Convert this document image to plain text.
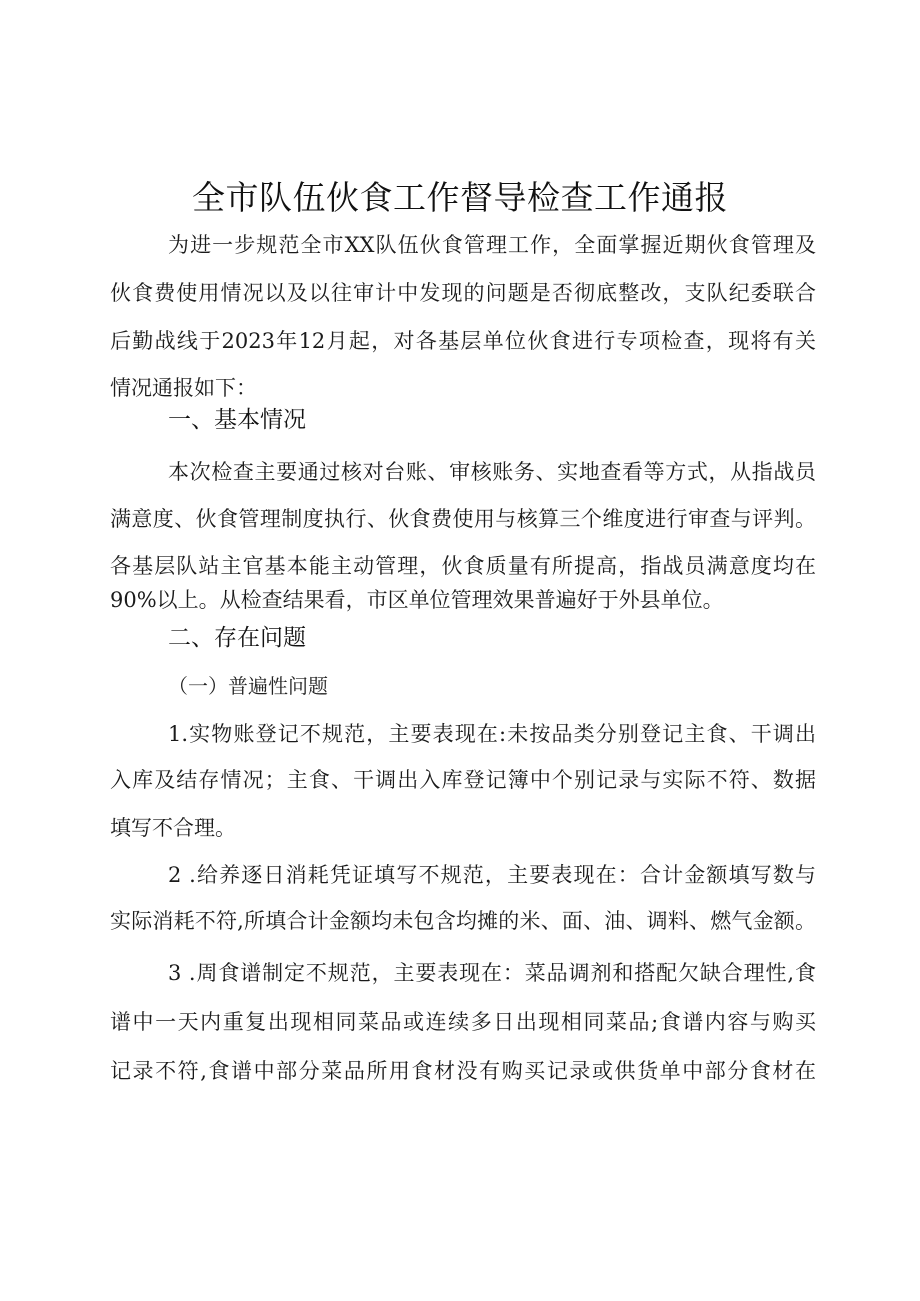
全市队伍伙食工作督导检查工作通报
为进一步规范全市XX队伍伙食管理工作，全面掌握近期伙食管理及
伙食费使用情况以及以往审计中发现的问题是否彻底整改，支队纪委联合
后勤战线于2023年12月起，对各基层单位伙食进行专项检查，现将有关
情况通报如下：
一、基本情况
本次检查主要通过核对台账、审核账务、实地查看等方式，从指战员
满意度、伙食管理制度执行、伙食费使用与核算三个维度进行审查与评判。
各基层队站主官基本能主动管理，伙食质量有所提高，指战员满意度均在
90%以上。从检查结果看，市区单位管理效果普遍好于外县单位。
二、存在问题
（一）普遍性问题
1.实物账登记不规范，主要表现在:未按品类分别登记主食、干调出
入库及结存情况；主食、干调出入库登记簿中个别记录与实际不符、数据
填写不合理。
2 .给养逐日消耗凭证填写不规范，主要表现在：合计金额填写数与
实际消耗不符,所填合计金额均未包含均摊的米、面、油、调料、燃气金额。
3 .周食谱制定不规范，主要表现在：菜品调剂和搭配欠缺合理性,食
谱中一天内重复出现相同菜品或连续多日出现相同菜品;食谱内容与购买
记录不符,食谱中部分菜品所用食材没有购买记录或供货单中部分食材在
